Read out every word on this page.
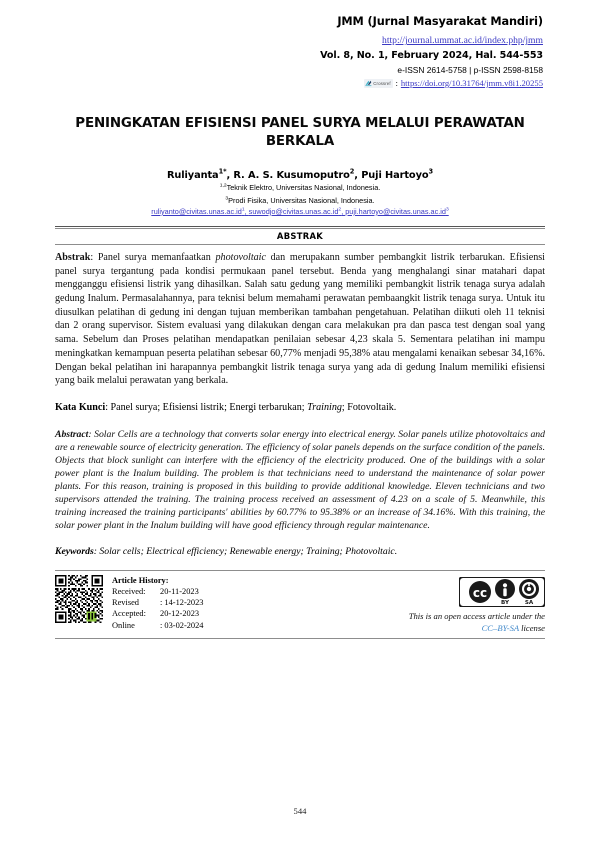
JMM (Jurnal Masyarakat Mandiri)
http://journal.ummat.ac.id/index.php/jmm
Vol. 8, No. 1, February 2024, Hal. 544-553
e-ISSN 2614-5758 | p-ISSN 2598-8158
Crossref : https://doi.org/10.31764/jmm.v8i1.20255
PENINGKATAN EFISIENSI PANEL SURYA MELALUI PERAWATAN BERKALA
Ruliyanta$^{1*}$, R. A. S. Kusumoputro$^2$, Puji Hartoyo$^3$
$^{1,2}$Teknik Elektro, Universitas Nasional, Indonesia.
$^3$Prodi Fisika, Universitas Nasional, Indonesia.
$ruliyanto@civitas.unas.ac.id^1$, $suwodjo@civitas.unas.ac.id^2$, $puji.hartoyo@civitas.unas.ac.id^3$
ABSTRAK

Abstrak: Panel surya memanfaatkan photovoltaic dan merupakann sumber pembangkit listrik terbarukan. Efisiensi panel surya tergantung pada kondisi permukaan panel tersebut. Benda yang menghalangi sinar matahari dapat mengganggu efisiensi listrik yang dihasilkan. Salah satu gedung yang memiliki pembangkit listrik tenaga surya adalah gedung Inalum. Permasalahannya, para teknisi belum memahami perawatan pembaangkit listrik tenaga surya. Untuk itu diusulkan pelatihan di gedung ini dengan tujuan memberikan tambahan pengetahuan. Pelatihan diikuti oleh 11 teknisi dan 2 orang supervisor. Sistem evaluasi yang dilakukan dengan cara melakukan pra dan pasca test dengan soal yang sama. Sebelum dan Proses pelatihan mendapatkan penilaian sebesar 4,23 skala 5. Sementara pelatihan ini mampu meningkatkan kemampuan peserta pelatihan sebesar 60,77% menjadi 95,38% atau mengalami kenaikan sebesar 34,16%. Dengan bekal pelatihan ini harapannya pembangkit listrik tenaga surya yang ada di gedung Inalum memiliki efisiensi yang baik melalui perawatan yang berkala.

Kata Kunci: Panel surya; Efisiensi listrik; Energi terbarukan; Training; Fotovoltaik.

Abstract: Solar Cells are a technology that converts solar energy into electrical energy. Solar panels utilize photovoltaics and are a renewable source of electricity generation. The efficiency of solar panels depends on the surface condition of the panels. Objects that block sunlight can interfere with the efficiency of the electricity produced. One of the buildings with a solar power plant is the Inalum building. The problem is that technicians need to understand the maintenance of solar power plants. For this reason, training is proposed in this building to provide additional knowledge. Eleven technicians and two supervisors attended the training. The training process received an assessment of 4.23 on a scale of 5. Meanwhile, this training increased the training participants' abilities by 60.77% to 95.38% or an increase of 34.16%. With this training, the solar power plant in the Inalum building will have good efficiency through regular maintenance.

Keywords: Solar cells; Electrical efficiency; Renewable energy; Training; Photovoltaic.

Article History:
Received:	20-11-2023
Revised	: 14-12-2023
Accepted:	20-12-2023
Online	: 03-02-2024
cc
BY	SA
This is an open access article under the
CC–BY-SA license
544
